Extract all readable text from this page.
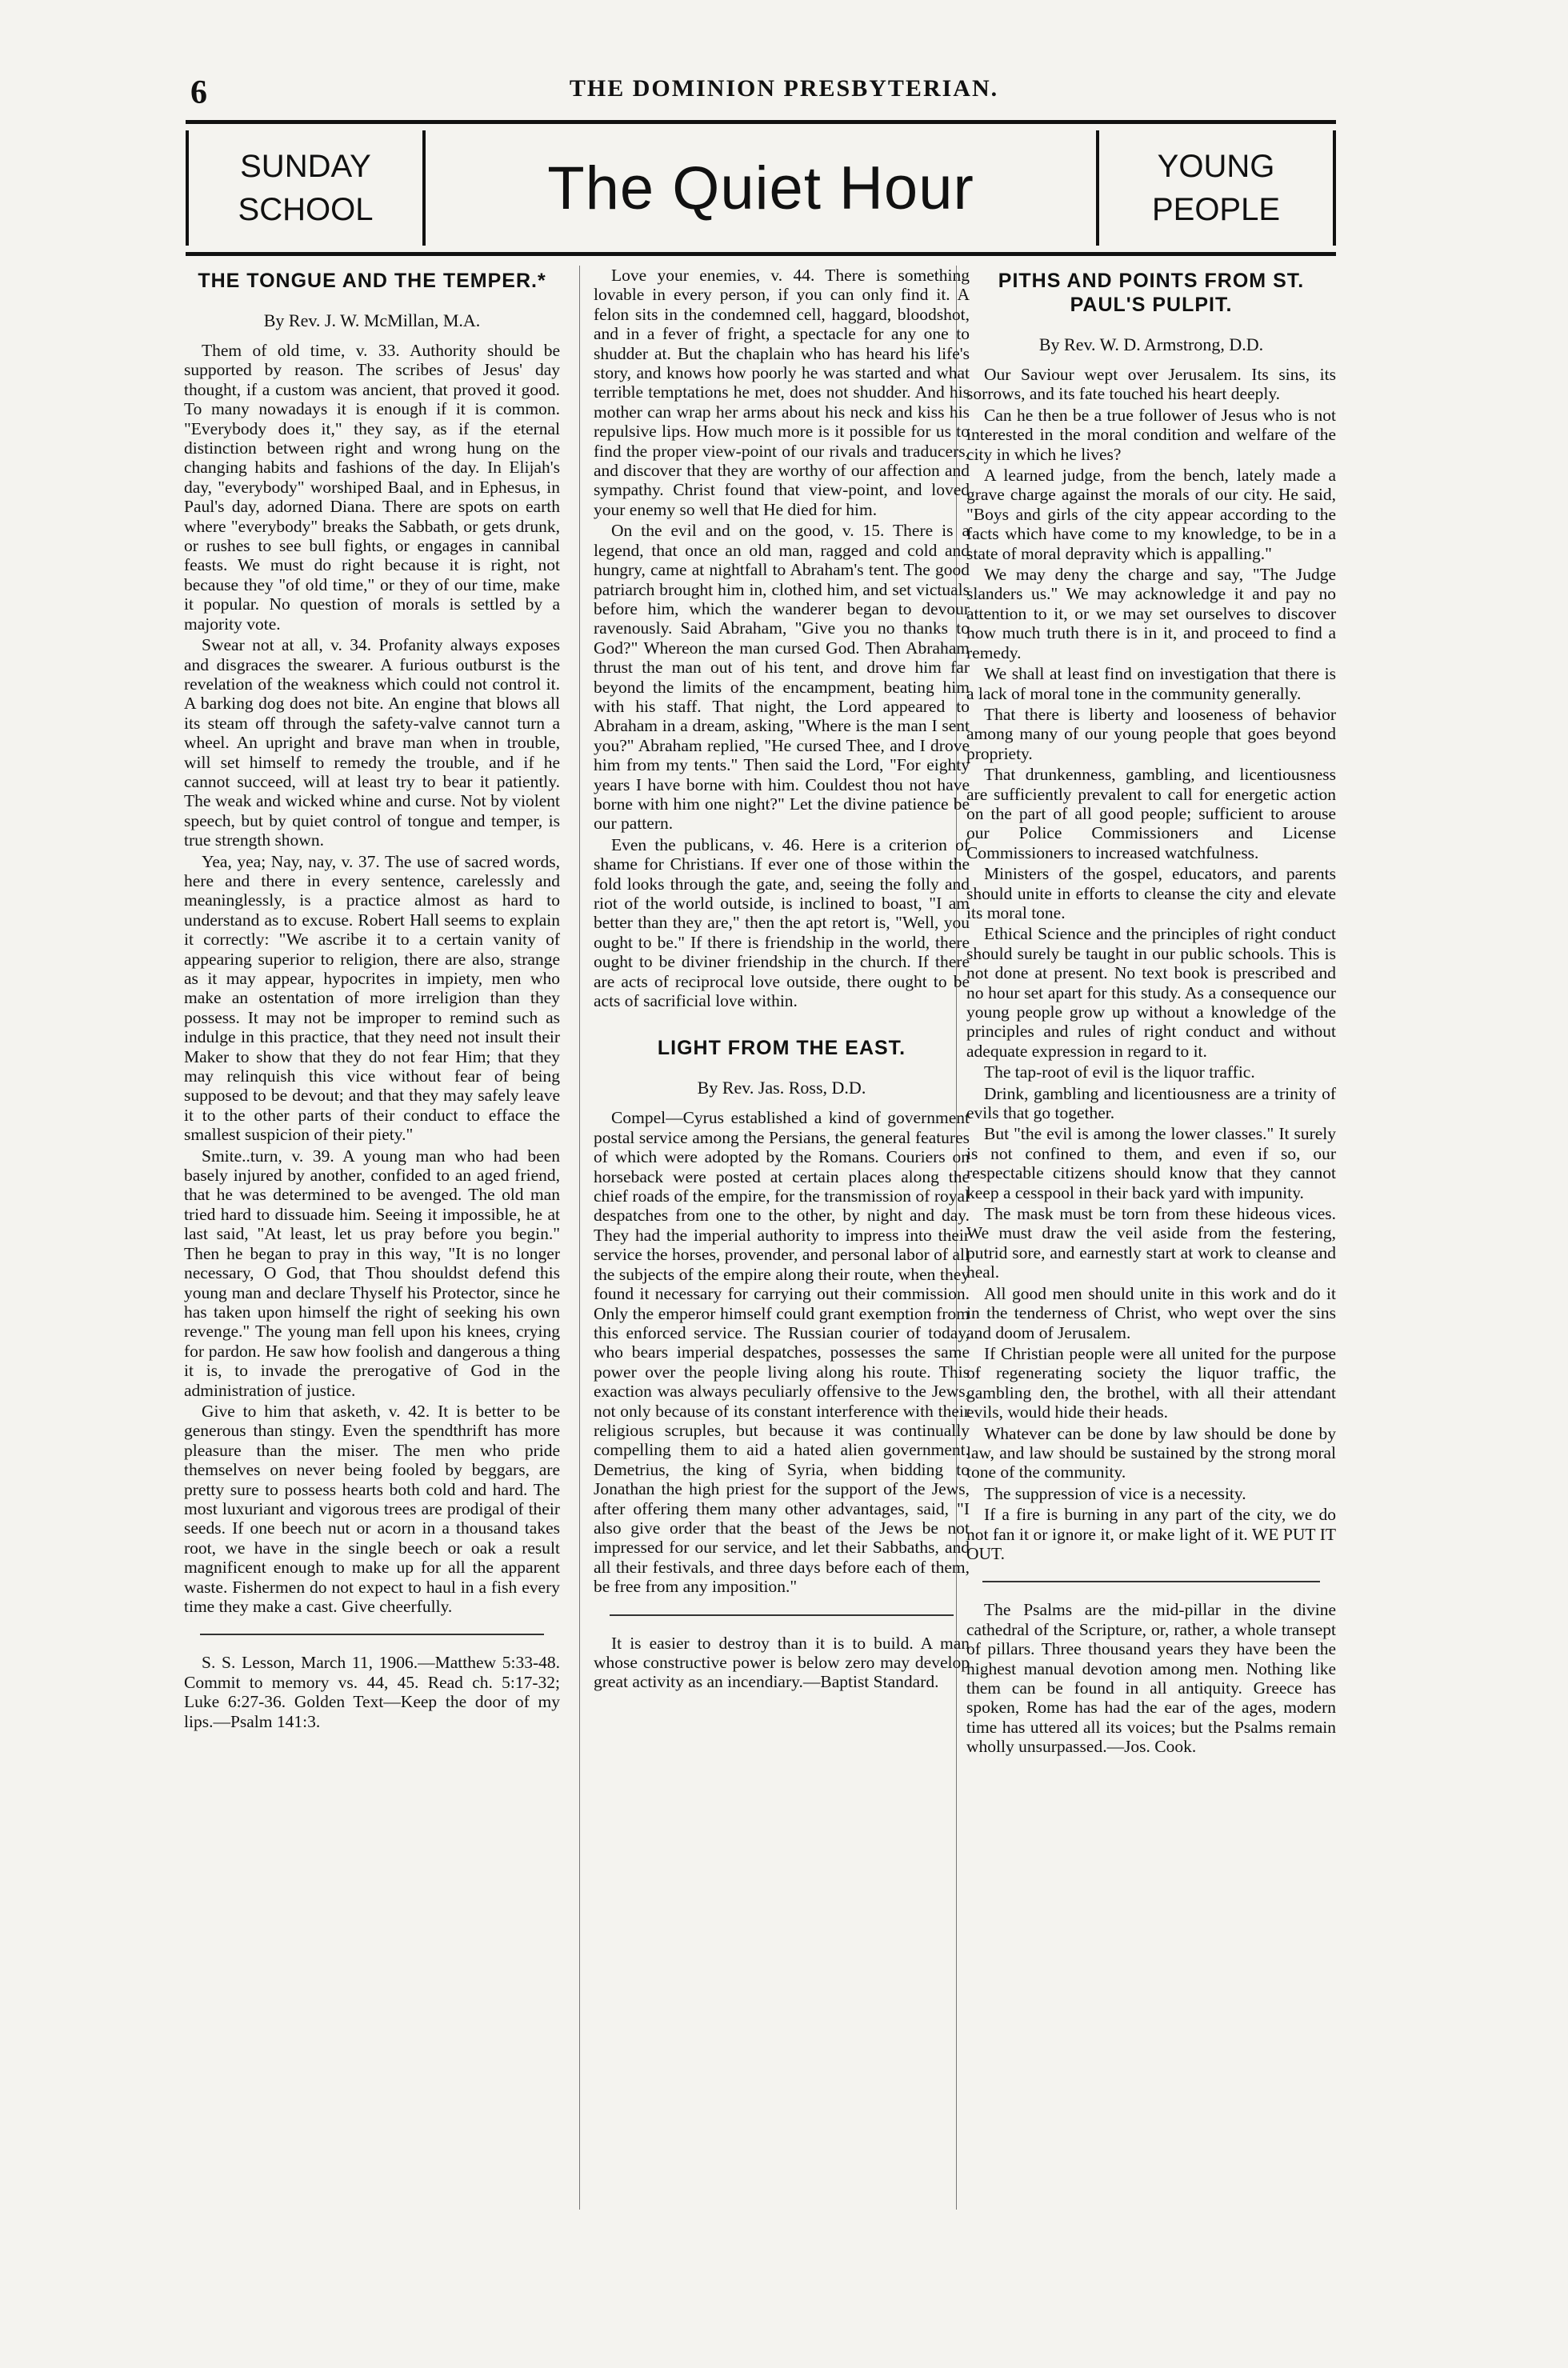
6	THE DOMINION PRESBYTERIAN.
SUNDAY
SCHOOL	The Quiet Hour	YOUNG
PEOPLE
THE TONGUE AND THE TEMPER.*
By Rev. J. W. McMillan, M.A.

Them of old time, v. 33. Authority should be supported by reason. The scribes of Jesus' day thought, if a custom was ancient, that proved it good. To many nowadays it is enough if it is common. "Everybody does it," they say, as if the eternal distinction between right and wrong hung on the changing habits and fashions of the day. In Elijah's day, "everybody" worshiped Baal, and in Ephesus, in Paul's day, adorned Diana. There are spots on earth where "everybody" breaks the Sabbath, or gets drunk, or rushes to see bull fights, or engages in cannibal feasts. We must do right because it is right, not because they "of old time," or they of our time, make it popular. No question of morals is settled by a majority vote.

Swear not at all, v. 34. Profanity always exposes and disgraces the swearer. A furious outburst is the revelation of the weakness which could not control it. A barking dog does not bite. An engine that blows all its steam off through the safety-valve cannot turn a wheel. An upright and brave man when in trouble, will set himself to remedy the trouble, and if he cannot succeed, will at least try to bear it patiently. The weak and wicked whine and curse. Not by violent speech, but by quiet control of tongue and temper, is true strength shown.

Yea, yea; Nay, nay, v. 37. The use of sacred words, here and there in every sentence, carelessly and meaninglessly, is a practice almost as hard to understand as to excuse. Robert Hall seems to explain it correctly: "We ascribe it to a certain vanity of appearing superior to religion, there are also, strange as it may appear, hypocrites in impiety, men who make an ostentation of more irreligion than they possess. It may not be improper to remind such as indulge in this practice, that they need not insult their Maker to show that they do not fear Him; that they may relinquish this vice without fear of being supposed to be devout; and that they may safely leave it to the other parts of their conduct to efface the smallest suspicion of their piety."

Smite..turn, v. 39. A young man who had been basely injured by another, confided to an aged friend, that he was determined to be avenged. The old man tried hard to dissuade him. Seeing it impossible, he at last said, "At least, let us pray before you begin." Then he began to pray in this way, "It is no longer necessary, O God, that Thou shouldst defend this young man and declare Thyself his Protector, since he has taken upon himself the right of seeking his own revenge." The young man fell upon his knees, crying for pardon. He saw how foolish and dangerous a thing it is, to invade the prerogative of God in the administration of justice.

Give to him that asketh, v. 42. It is better to be generous than stingy. Even the spendthrift has more pleasure than the miser. The men who pride themselves on never being fooled by beggars, are pretty sure to possess hearts both cold and hard. The most luxuriant and vigorous trees are prodigal of their seeds. If one beech nut or acorn in a thousand takes root, we have in the single beech or oak a result magnificent enough to make up for all the apparent waste. Fishermen do not expect to haul in a fish every time they make a cast. Give cheerfully.

S. S. Lesson, March 11, 1906.—Matthew 5:33-48. Commit to memory vs. 44, 45. Read ch. 5:17-32; Luke 6:27-36. Golden Text—Keep the door of my lips.—Psalm 141:3.

Love your enemies, v. 44. There is something lovable in every person, if you can only find it. A felon sits in the condemned cell, haggard, bloodshot, and in a fever of fright, a spectacle for any one to shudder at. But the chaplain who has heard his life's story, and knows how poorly he was started and what terrible temptations he met, does not shudder. And his mother can wrap her arms about his neck and kiss his repulsive lips. How much more is it possible for us to find the proper view-point of our rivals and traducers, and discover that they are worthy of our affection and sympathy. Christ found that view-point, and loved your enemy so well that He died for him.

On the evil and on the good, v. 15. There is a legend, that once an old man, ragged and cold and hungry, came at nightfall to Abraham's tent. The good patriarch brought him in, clothed him, and set victuals before him, which the wanderer began to devour ravenously. Said Abraham, "Give you no thanks to God?" Whereon the man cursed God. Then Abraham thrust the man out of his tent, and drove him far beyond the limits of the encampment, beating him with his staff. That night, the Lord appeared to Abraham in a dream, asking, "Where is the man I sent you?" Abraham replied, "He cursed Thee, and I drove him from my tents." Then said the Lord, "For eighty years I have borne with him. Couldest thou not have borne with him one night?" Let the divine patience be our pattern.

Even the publicans, v. 46. Here is a criterion of shame for Christians. If ever one of those within the fold looks through the gate, and, seeing the folly and riot of the world outside, is inclined to boast, "I am better than they are," then the apt retort is, "Well, you ought to be." If there is friendship in the world, there ought to be diviner friendship in the church. If there are acts of reciprocal love outside, there ought to be acts of sacrificial love within.

LIGHT FROM THE EAST.
By Rev. Jas. Ross, D.D.

Compel—Cyrus established a kind of government postal service among the Persians, the general features of which were adopted by the Romans. Couriers on horseback were posted at certain places along the chief roads of the empire, for the transmission of royal despatches from one to the other, by night and day. They had the imperial authority to impress into their service the horses, provender, and personal labor of all the subjects of the empire along their route, when they found it necessary for carrying out their commission. Only the emperor himself could grant exemption from this enforced service. The Russian courier of today, who bears imperial despatches, possesses the same power over the people living along his route. This exaction was always peculiarly offensive to the Jews, not only because of its constant interference with their religious scruples, but because it was continually compelling them to aid a hated alien government. Demetrius, the king of Syria, when bidding to Jonathan the high priest for the support of the Jews, after offering them many other advantages, said, "I also give order that the beast of the Jews be not impressed for our service, and let their Sabbaths, and all their festivals, and three days before each of them, be free from any imposition."

It is easier to destroy than it is to build. A man whose constructive power is below zero may develop great activity as an incendiary.—Baptist Standard.

PITHS AND POINTS FROM ST. PAUL'S PULPIT.
By Rev. W. D. Armstrong, D.D.

Our Saviour wept over Jerusalem. Its sins, its sorrows, and its fate touched his heart deeply.

Can he then be a true follower of Jesus who is not interested in the moral condition and welfare of the city in which he lives?

A learned judge, from the bench, lately made a grave charge against the morals of our city. He said, "Boys and girls of the city appear according to the facts which have come to my knowledge, to be in a state of moral depravity which is appalling."

We may deny the charge and say, "The Judge slanders us." We may acknowledge it and pay no attention to it, or we may set ourselves to discover how much truth there is in it, and proceed to find a remedy.

We shall at least find on investigation that there is a lack of moral tone in the community generally.

That there is liberty and looseness of behavior among many of our young people that goes beyond propriety.

That drunkenness, gambling, and licentiousness are sufficiently prevalent to call for energetic action on the part of all good people; sufficient to arouse our Police Commissioners and License Commissioners to increased watchfulness.

Ministers of the gospel, educators, and parents should unite in efforts to cleanse the city and elevate its moral tone.

Ethical Science and the principles of right conduct should surely be taught in our public schools. This is not done at present. No text book is prescribed and no hour set apart for this study. As a consequence our young people grow up without a knowledge of the principles and rules of right conduct and without adequate expression in regard to it.

The tap-root of evil is the liquor traffic.

Drink, gambling and licentiousness are a trinity of evils that go together.

But "the evil is among the lower classes." It surely is not confined to them, and even if so, our respectable citizens should know that they cannot keep a cesspool in their back yard with impunity.

The mask must be torn from these hideous vices. We must draw the veil aside from the festering, putrid sore, and earnestly start at work to cleanse and heal.

All good men should unite in this work and do it in the tenderness of Christ, who wept over the sins and doom of Jerusalem.

If Christian people were all united for the purpose of regenerating society the liquor traffic, the gambling den, the brothel, with all their attendant evils, would hide their heads.

Whatever can be done by law should be done by law, and law should be sustained by the strong moral tone of the community.

The suppression of vice is a necessity.

If a fire is burning in any part of the city, we do not fan it or ignore it, or make light of it. WE PUT IT OUT.

The Psalms are the mid-pillar in the divine cathedral of the Scripture, or, rather, a whole transept of pillars. Three thousand years they have been the highest manual devotion among men. Nothing like them can be found in all antiquity. Greece has spoken, Rome has had the ear of the ages, modern time has uttered all its voices; but the Psalms remain wholly unsurpassed.—Jos. Cook.
